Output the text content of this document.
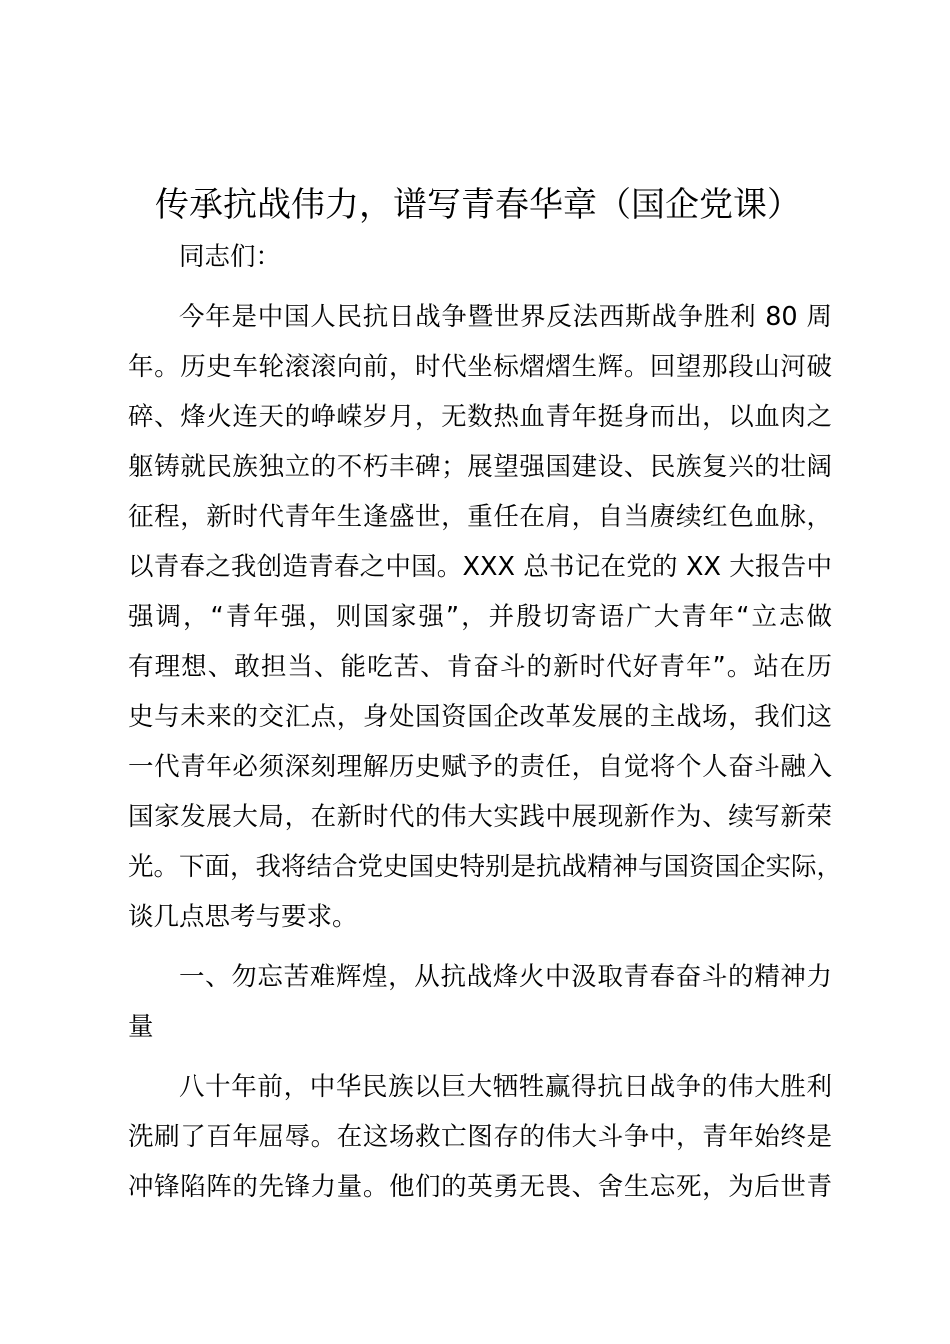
传承抗战伟力，谱写青春华章（国企党课）
同志们：
今年是中国人民抗日战争暨世界反法西斯战争胜利 80 周
年。历史车轮滚滚向前，时代坐标熠熠生辉。回望那段山河破
碎、烽火连天的峥嵘岁月，无数热血青年挺身而出，以血肉之
躯铸就民族独立的不朽丰碑；展望强国建设、民族复兴的壮阔
征程，新时代青年生逢盛世，重任在肩，自当赓续红色血脉，
以青春之我创造青春之中国。XXX 总书记在党的 XX 大报告中
强调，“青年强，则国家强”，并殷切寄语广大青年“立志做
有理想、敢担当、能吃苦、肯奋斗的新时代好青年”。站在历
史与未来的交汇点，身处国资国企改革发展的主战场，我们这
一代青年必须深刻理解历史赋予的责任，自觉将个人奋斗融入
国家发展大局，在新时代的伟大实践中展现新作为、续写新荣
光。下面，我将结合党史国史特别是抗战精神与国资国企实际，
谈几点思考与要求。
一、勿忘苦难辉煌，从抗战烽火中汲取青春奋斗的精神力
量
八十年前，中华民族以巨大牺牲赢得抗日战争的伟大胜利
洗刷了百年屈辱。在这场救亡图存的伟大斗争中，青年始终是
冲锋陷阵的先锋力量。他们的英勇无畏、舍生忘死，为后世青
